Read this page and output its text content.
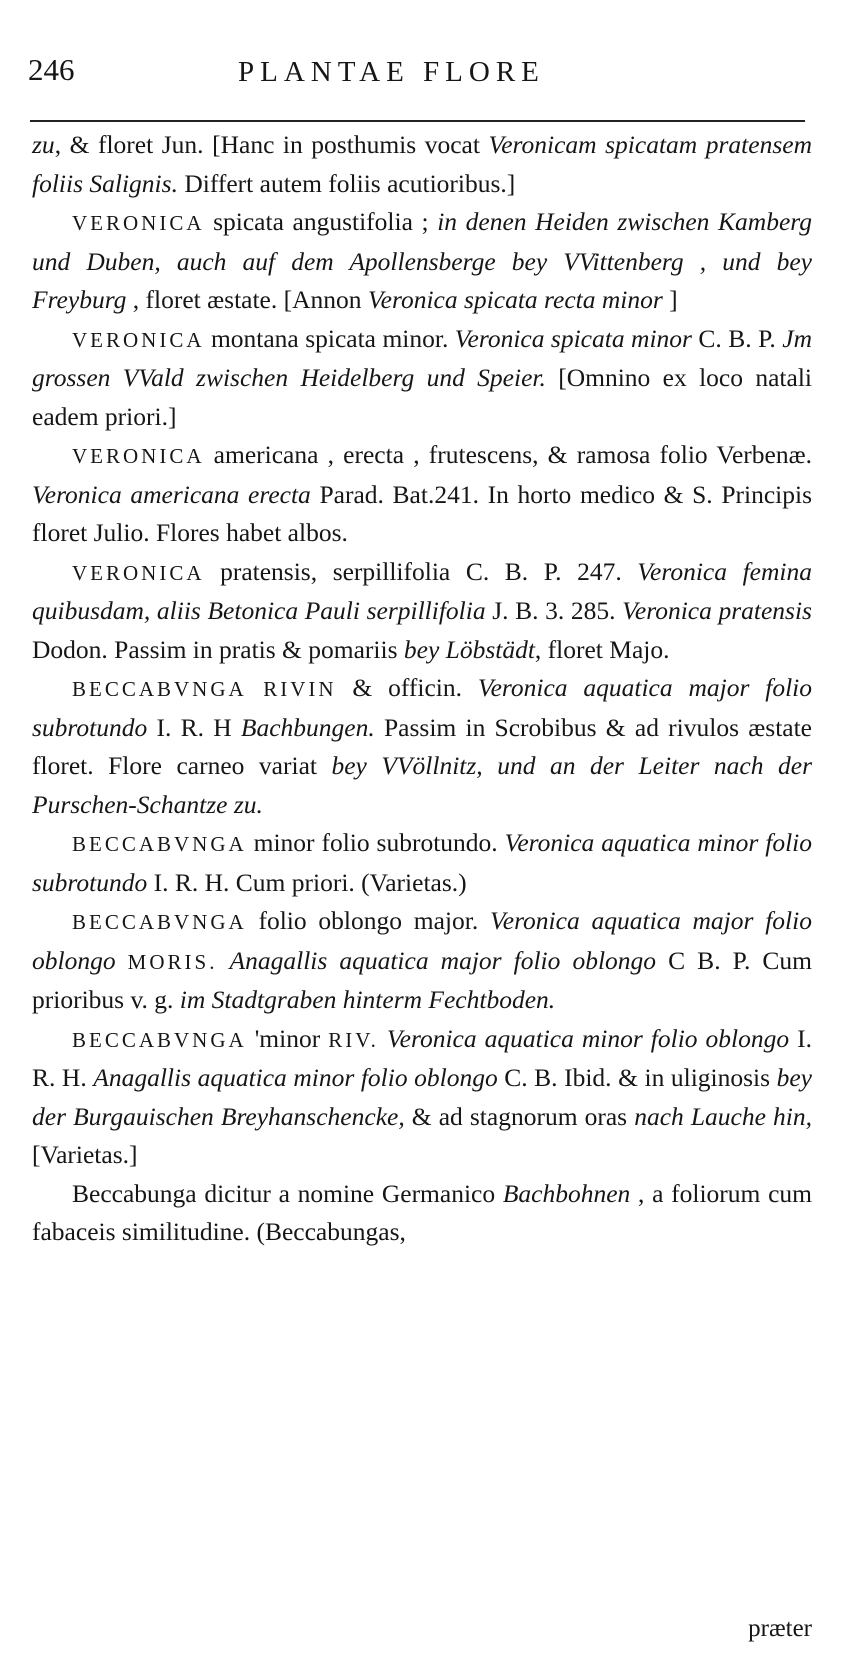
246	PLANTAE FLORE

zu, & floret Jun. [Hanc in posthumis vocat Veronicam spicatam pratensem foliis Salignis. Differt autem foliis acutioribus.]

VERONICA spicata angustifolia ; in denen Heiden zwischen Kamberg und Duben, auch auf dem Apollensberge bey VVittenberg , und bey Freyburg , floret æstate. [Annon Veronica spicata recta minor ]

VERONICA montana spicata minor. Veronica spicata minor C. B. P. Jm grossen VVald zwischen Heidelberg und Speier. [Omnino ex loco natali eadem priori.]

VERONICA americana , erecta , frutescens, & ramosa folio Verbenæ. Veronica americana erecta Parad. Bat.241. In horto medico & S. Principis floret Julio. Flores habet albos.

VERONICA pratensis, serpillifolia C. B. P. 247. Veronica femina quibusdam, aliis Betonica Pauli serpillifolia J. B. 3. 285. Veronica pratensis Dodon. Passim in pratis & pomariis bey Löbstädt, floret Majo.

BECCABVNGA RIVIN & officin. Veronica aquatica major folio subrotundo I. R. H Bachbungen. Passim in Scrobibus & ad rivulos æstate floret. Flore carneo variat bey VVöllnitz, und an der Leiter nach der Purschen-Schantze zu.

BECCABVNGA minor folio subrotundo. Veronica aquatica minor folio subrotundo I. R. H. Cum priori. (Varietas.)

BECCABVNGA folio oblongo major. Veronica aquatica major folio oblongo MORIS. Anagallis aquatica major folio oblongo C B. P. Cum prioribus v. g. im Stadtgraben hinterm Fechtboden.

BECCABVNGA 'minor RIV. Veronica aquatica minor folio oblongo I. R. H. Anagallis aquatica minor folio oblongo C. B. Ibid. & in uliginosis bey der Burgauischen Breyhanschencke, & ad stagnorum oras nach Lauche hin, [Varietas.]

Beccabunga dicitur a nomine Germanico Bachbohnen , a foliorum cum fabaceis similitudine. (Beccabungas,

præter
